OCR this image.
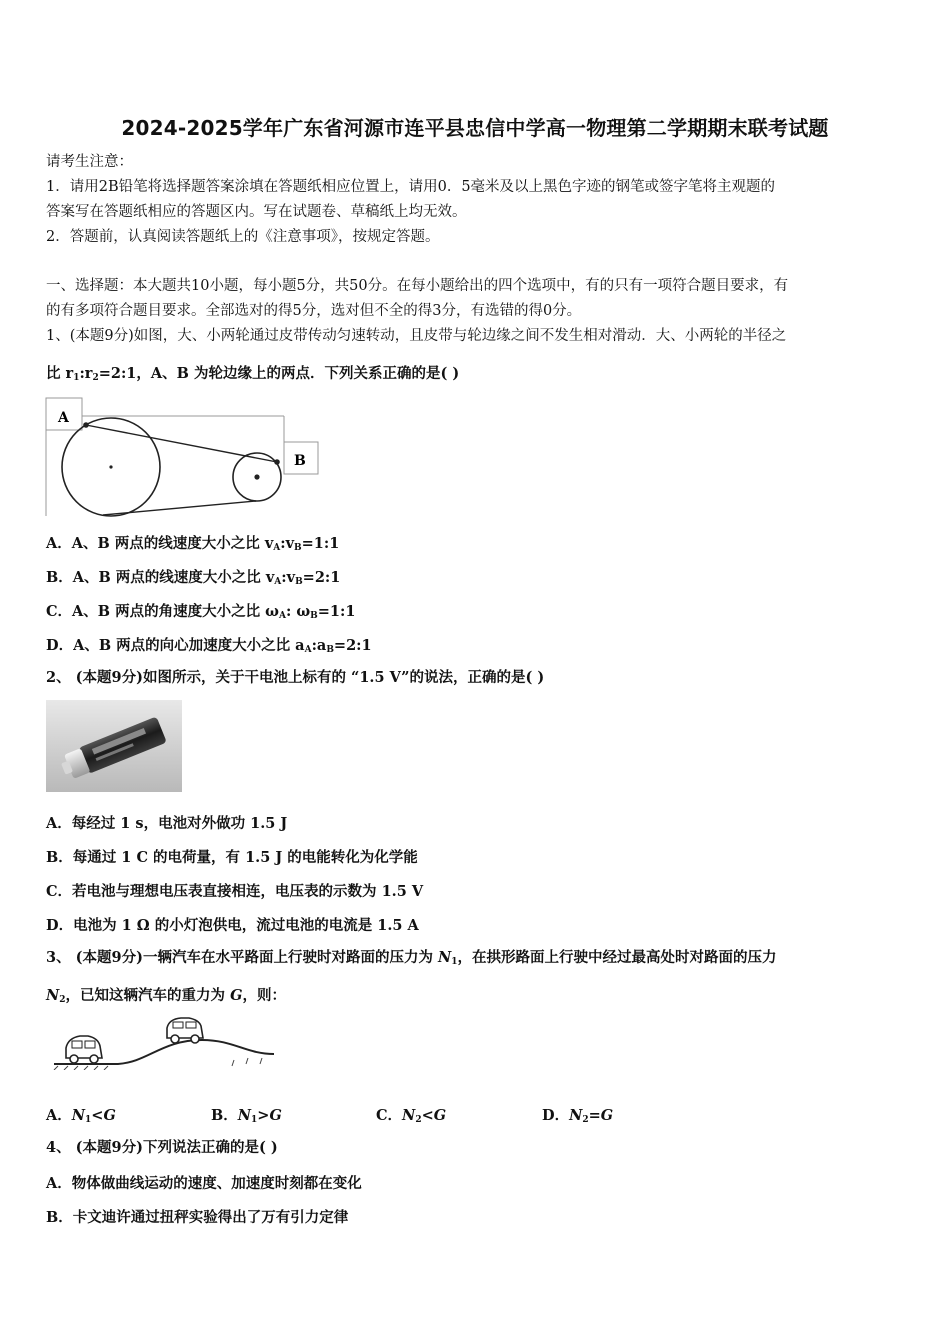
2024-2025学年广东省河源市连平县忠信中学高一物理第二学期期末联考试题
请考生注意：
1．请用2B铅笔将选择题答案涂填在答题纸相应位置上，请用0．5毫米及以上黑色字迹的钢笔或签字笔将主观题的
答案写在答题纸相应的答题区内。写在试题卷、草稿纸上均无效。
2．答题前，认真阅读答题纸上的《注意事项》，按规定答题。
一、选择题：本大题共10小题，每小题5分，共50分。在每小题给出的四个选项中，有的只有一项符合题目要求，有
的有多项符合题目要求。全部选对的得5分，选对但不全的得3分，有选错的得0分。
1、(本题9分)如图，大、小两轮通过皮带传动匀速转动，且皮带与轮边缘之间不发生相对滑动．大、小两轮的半径之
比 $r_1:r_2=2:1$，A、B 为轮边缘上的两点．下列关系正确的是( )
A
B
A．A、B 两点的线速度大小之比 $v_A:v_B=1:1$
B．A、B 两点的线速度大小之比 $v_A:v_B=2:1$
C．A、B 两点的角速度大小之比 $\omega_A$: $\omega_B=1:1$
D．A、B 两点的向心加速度大小之比 $a_A:a_B=2:1$
2、 (本题9分)如图所示，关于干电池上标有的 “1.5 V”的说法，正确的是( )
A．每经过 1 s，电池对外做功 1.5 J
B．每通过 1 C 的电荷量，有 1.5 J 的电能转化为化学能
C．若电池与理想电压表直接相连，电压表的示数为 1.5 V
D．电池为 1 Ω 的小灯泡供电，流过电池的电流是 1.5 A
3、 (本题9分)一辆汽车在水平路面上行驶时对路面的压力为 $N_1$，在拱形路面上行驶中经过最高处时对路面的压力
$N_2$，已知这辆汽车的重力为 G，则：
A．$N_1<G$	B．$N_1>G$	C．$N_2<G$	D．$N_2=G$
4、 (本题9分)下列说法正确的是( )
A．物体做曲线运动的速度、加速度时刻都在变化
B．卡文迪许通过扭秤实验得出了万有引力定律
